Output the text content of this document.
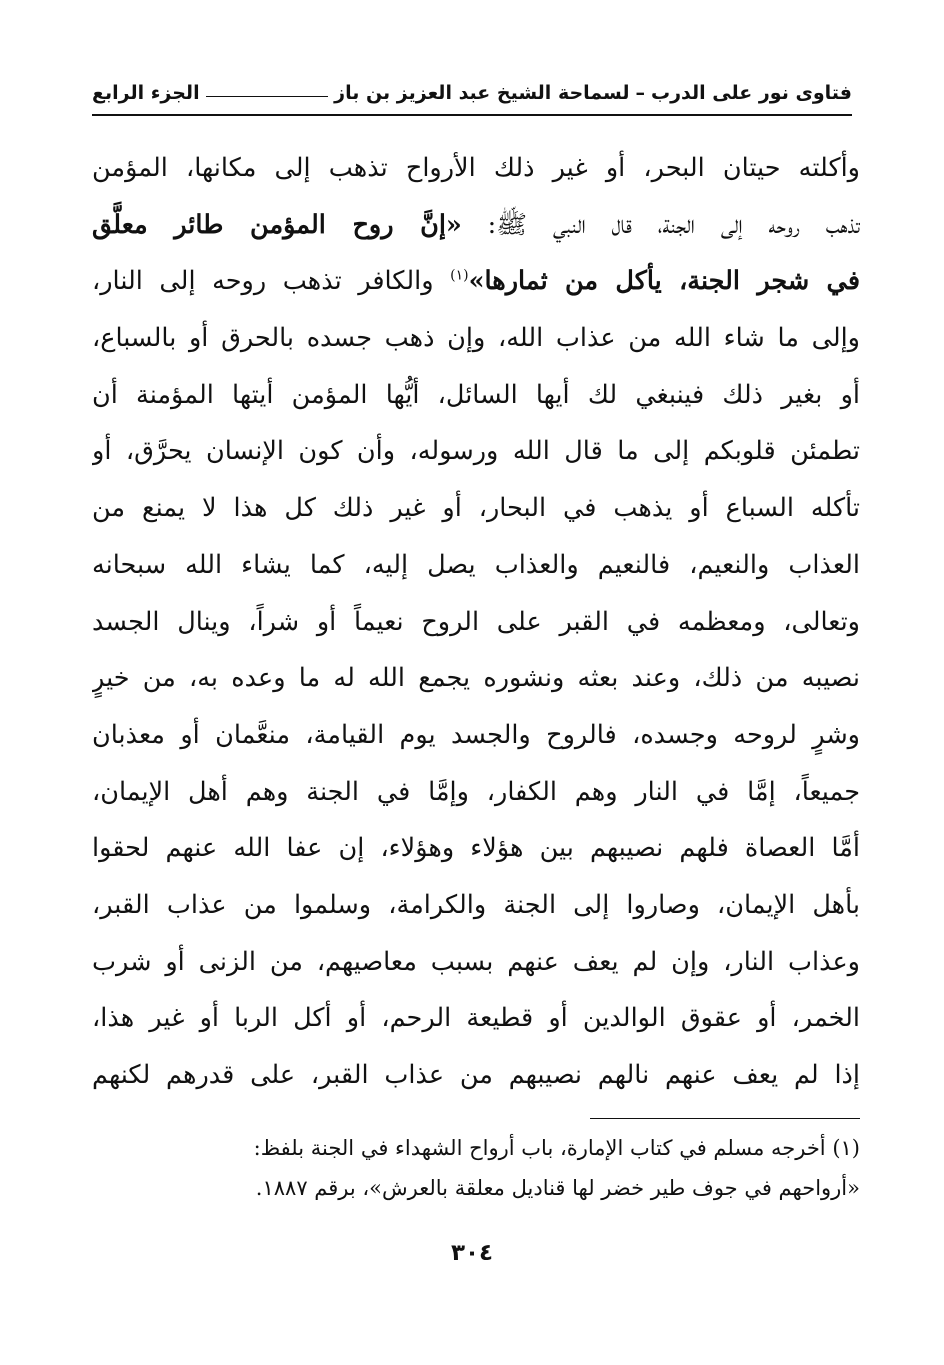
فتاوى نور على الدرب
–
لسماحة الشيخ عبد العزيز بن باز
الجزء الرابع
وأكلته حيتان البحر، أو غير ذلك الأرواح تذهب إلى مكانها، المؤمن
تذهب روحه إلى الجنة، قال النبي ﷺ: «إنَّ روح المؤمن طائر معلَّق
في شجر الجنة، يأكل من ثمارها»$^{(١)}$ والكافر تذهب روحه إلى النار،
وإلى ما شاء الله من عذاب الله، وإن ذهب جسده بالحرق أو بالسباع،
أو بغير ذلك فينبغي لك أيها السائل، أيُّها المؤمن أيتها المؤمنة أن
تطمئن قلوبكم إلى ما قال الله ورسوله، وأن كون الإنسان يحرَّق، أو
تأكله السباع أو يذهب في البحار، أو غير ذلك كل هذا لا يمنع من
العذاب والنعيم، فالنعيم والعذاب يصل إليه، كما يشاء الله سبحانه
وتعالى، ومعظمه في القبر على الروح نعيماً أو شراً، وينال الجسد
نصيبه من ذلك، وعند بعثه ونشوره يجمع الله له ما وعده به، من خيرٍ
وشرٍ لروحه وجسده، فالروح والجسد يوم القيامة، منعَّمان أو معذبان
جميعاً، إمَّا في النار وهم الكفار، وإمَّا في الجنة وهم أهل الإيمان،
أمَّا العصاة فلهم نصيبهم بين هؤلاء وهؤلاء، إن عفا الله عنهم لحقوا
بأهل الإيمان، وصاروا إلى الجنة والكرامة، وسلموا من عذاب القبر،
وعذاب النار، وإن لم يعف عنهم بسبب معاصيهم، من الزنى أو شرب
الخمر، أو عقوق الوالدين أو قطيعة الرحم، أو أكل الربا أو غير هذا،
إذا لم يعف عنهم نالهم نصيبهم من عذاب القبر، على قدرهم لكنهم
(١) أخرجه مسلم في كتاب الإمارة، باب أرواح الشهداء في الجنة بلفظ:
«أرواحهم في جوف طير خضر لها قناديل معلقة بالعرش»، برقم ١٨٨٧.
٣٠٤
